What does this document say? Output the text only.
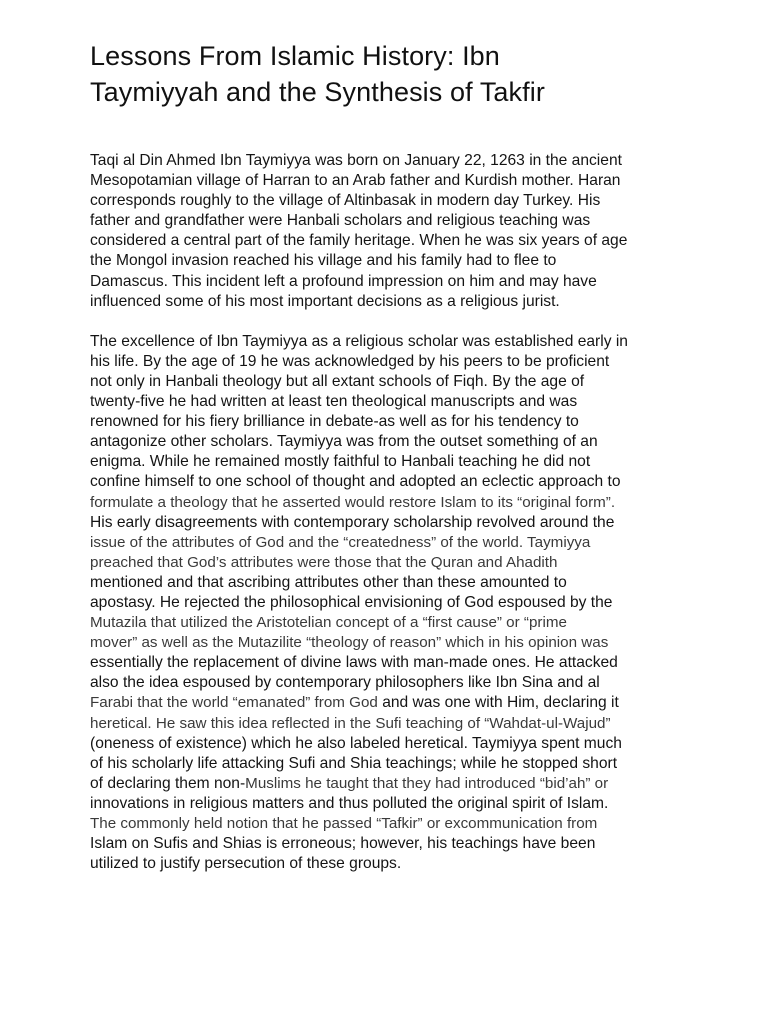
Lessons From Islamic History: Ibn
Taymiyyah and the Synthesis of Takfir

Taqi al Din Ahmed Ibn Taymiyya was born on January 22, 1263 in the ancient
Mesopotamian village of Harran to an Arab father and Kurdish mother. Haran
corresponds roughly to the village of Altinbasak in modern day Turkey. His
father and grandfather were Hanbali scholars and religious teaching was
considered a central part of the family heritage. When he was six years of age
the Mongol invasion reached his village and his family had to flee to
Damascus. This incident left a profound impression on him and may have
influenced some of his most important decisions as a religious jurist.

The excellence of Ibn Taymiyya as a religious scholar was established early in
his life. By the age of 19 he was acknowledged by his peers to be proficient
not only in Hanbali theology but all extant schools of Fiqh. By the age of
twenty-five he had written at least ten theological manuscripts and was
renowned for his fiery brilliance in debate-as well as for his tendency to
antagonize other scholars. Taymiyya was from the outset something of an
enigma. While he remained mostly faithful to Hanbali teaching he did not
confine himself to one school of thought and adopted an eclectic approach to
formulate a theology that he asserted would restore Islam to its “original form”.
His early disagreements with contemporary scholarship revolved around the
issue of the attributes of God and the “createdness” of the world. Taymiyya
preached that God’s attributes were those that the Quran and Ahadith
mentioned and that ascribing attributes other than these amounted to
apostasy. He rejected the philosophical envisioning of God espoused by the
Mutazila that utilized the Aristotelian concept of a “first cause” or “prime
mover” as well as the Mutazilite “theology of reason” which in his opinion was
essentially the replacement of divine laws with man-made ones. He attacked
also the idea espoused by contemporary philosophers like Ibn Sina and al
Farabi that the world “emanated” from God and was one with Him, declaring it
heretical. He saw this idea reflected in the Sufi teaching of “Wahdat-ul-Wajud”
(oneness of existence) which he also labeled heretical. Taymiyya spent much
of his scholarly life attacking Sufi and Shia teachings; while he stopped short
of declaring them non-Muslims he taught that they had introduced “bid’ah” or
innovations in religious matters and thus polluted the original spirit of Islam.
The commonly held notion that he passed “Tafkir” or excommunication from
Islam on Sufis and Shias is erroneous; however, his teachings have been
utilized to justify persecution of these groups.
